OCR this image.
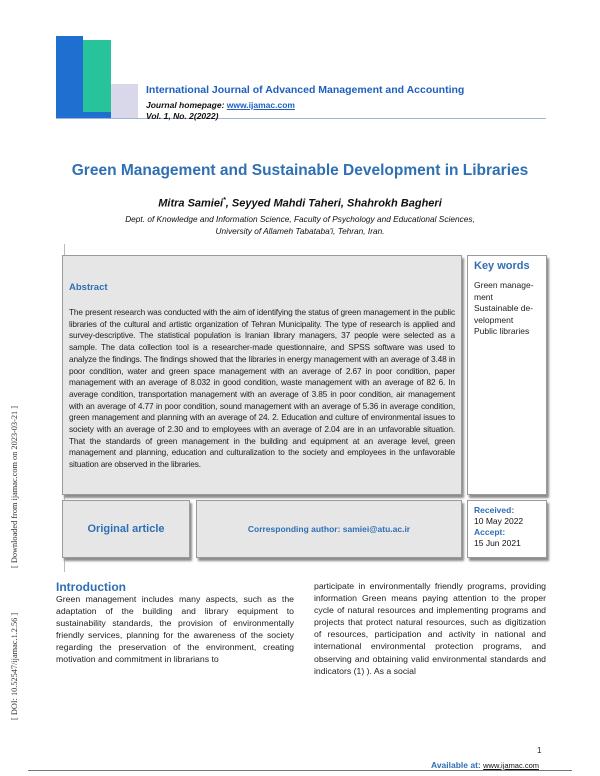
International Journal of Advanced Management and Accounting
Journal homepage: www.ijamac.com
Vol. 1, No. 2(2022)
Green Management and Sustainable Development in Libraries
Mitra Samiei*, Seyyed Mahdi Taheri, Shahrokh Bagheri
Dept. of Knowledge and Information Science, Faculty of Psychology and Educational Sciences,
University of Allameh Tabataba'i, Tehran, Iran.
Abstract
The present research was conducted with the aim of identifying the status of green management in the public libraries of the cultural and artistic organization of Tehran Municipality. The type of research is applied and survey-descriptive. The statistical population is Iranian library managers, 37 people were selected as a sample. The data collection tool is a researcher-made questionnaire, and SPSS software was used to analyze the findings. The findings showed that the libraries in energy management with an average of 3.48 in poor condition, water and green space management with an average of 2.67 in poor condition, paper management with an average of 8.032 in good condition, waste management with an average of 82 6. In average condition, transportation management with an average of 3.85 in poor condition, air management with an average of 4.77 in poor condition, sound management with an average of 5.36 in average condition, green management and planning with an average of 24. 2. Education and culture of environmental issues to society with an average of 2.30 and to employees with an average of 2.04 are in an unfavorable situation. That the standards of green management in the building and equipment at an average level, green management and planning, education and culturalization to the society and employees in the unfavorable situation are observed in the libraries.
Key words
Green manage-ment
Sustainable de-velopment
Public libraries
Original article	Corresponding author: samiei@atu.ac.ir
Received:
10 May 2022
Accept:
15 Jun 2021
Introduction
Green management includes many aspects, such as the adaptation of the building and library equipment to sustainability standards, the provision of environmentally friendly services, planning for the awareness of the society regarding the preservation of the environment, creating motivation and commitment in librarians to
participate in environmentally friendly programs, providing information Green means paying attention to the proper cycle of natural resources and implementing programs and projects that protect natural resources, such as digitization of resources, participation and activity in national and international environmental protection programs, and observing and obtaining valid environmental standards and indicators (1) ). As a social
1
Available at: www.ijamac.com
[ Downloaded from ijamac.com on 2023-03-21 ]
[ DOI: 10.52547/ijamac.1.2.56 ]
